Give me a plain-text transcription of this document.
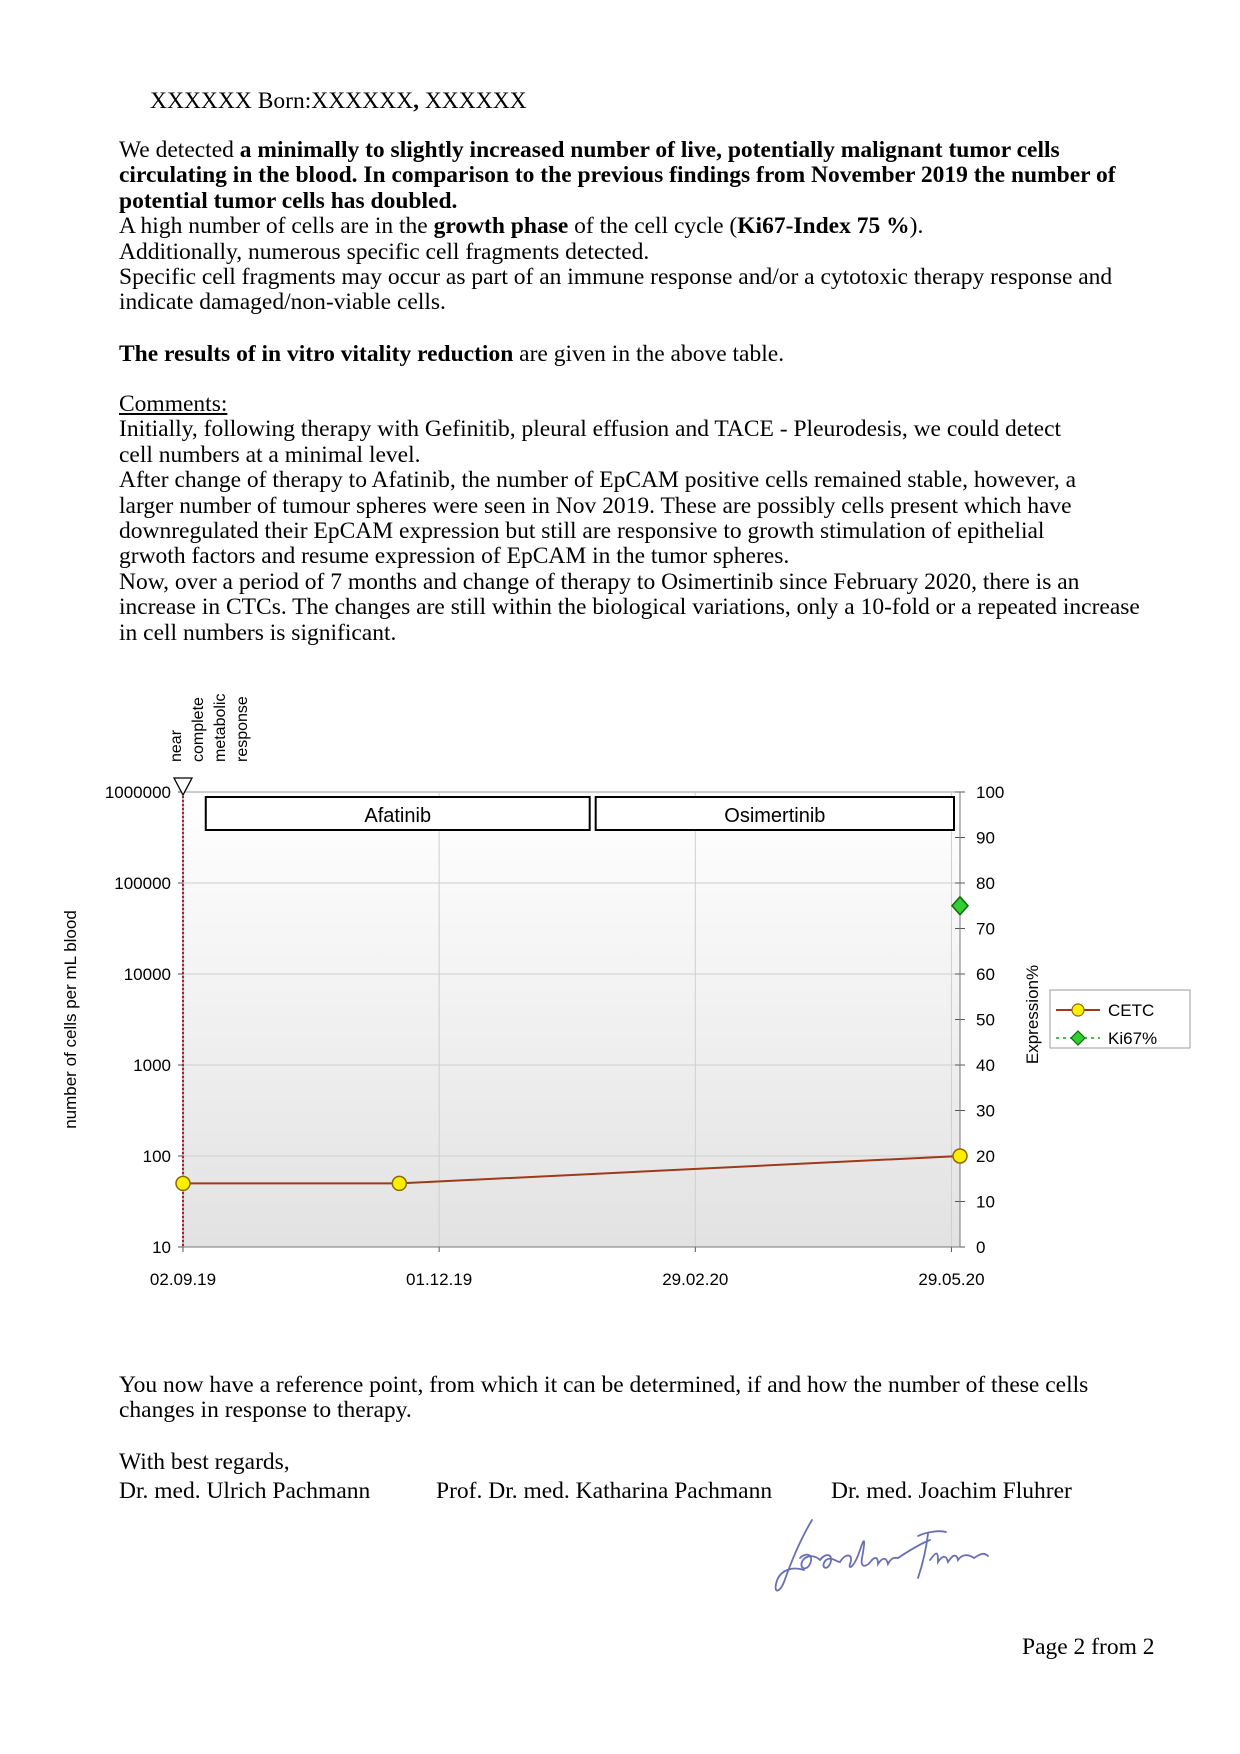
XXXXXX Born:XXXXXX, XXXXXX
We detected a minimally to slightly increased number of live, potentially malignant tumor cells circulating in the blood. In comparison to the previous findings from November 2019 the number of potential tumor cells has doubled.
A high number of cells are in the growth phase of the cell cycle (Ki67-Index 75 %).
Additionally, numerous specific cell fragments detected.
Specific cell fragments may occur as part of an immune response and/or a cytotoxic therapy response and indicate damaged/non-viable cells.
The results of in vitro vitality reduction are given in the above table.
Comments:
Initially, following therapy with Gefinitib, pleural effusion and TACE - Pleurodesis, we could detect cell numbers at a minimal level.
After change of therapy to Afatinib, the number of EpCAM positive cells remained stable, however, a larger number of tumour spheres were seen in Nov 2019. These are possibly cells present which have downregulated their EpCAM expression but still are responsive to growth stimulation of epithelial grwoth factors and resume expression of EpCAM in the tumor spheres.
Now, over a period of 7 months and change of therapy to Osimertinib since February 2020, there is an increase in CTCs. The changes are still within the biological variations, only a 10-fold or a repeated increase in cell numbers is significant.
Afatinib	Osimertinib
02.09.19	01.12.19	29.02.20	29.05.20
10
100
1000
10000
100000
1000000
0
10
20
30
40
50
60
70
80
90
100
number of cells per mL blood	Expression%
near complete metabolic response
CETC
Ki67%
You now have a reference point, from which it can be determined, if and how the number of these cells changes in response to therapy.
With best regards,
Dr. med. Ulrich Pachmann	Prof. Dr. med. Katharina Pachmann	Dr. med. Joachim Fluhrer
Page 2 from 2
